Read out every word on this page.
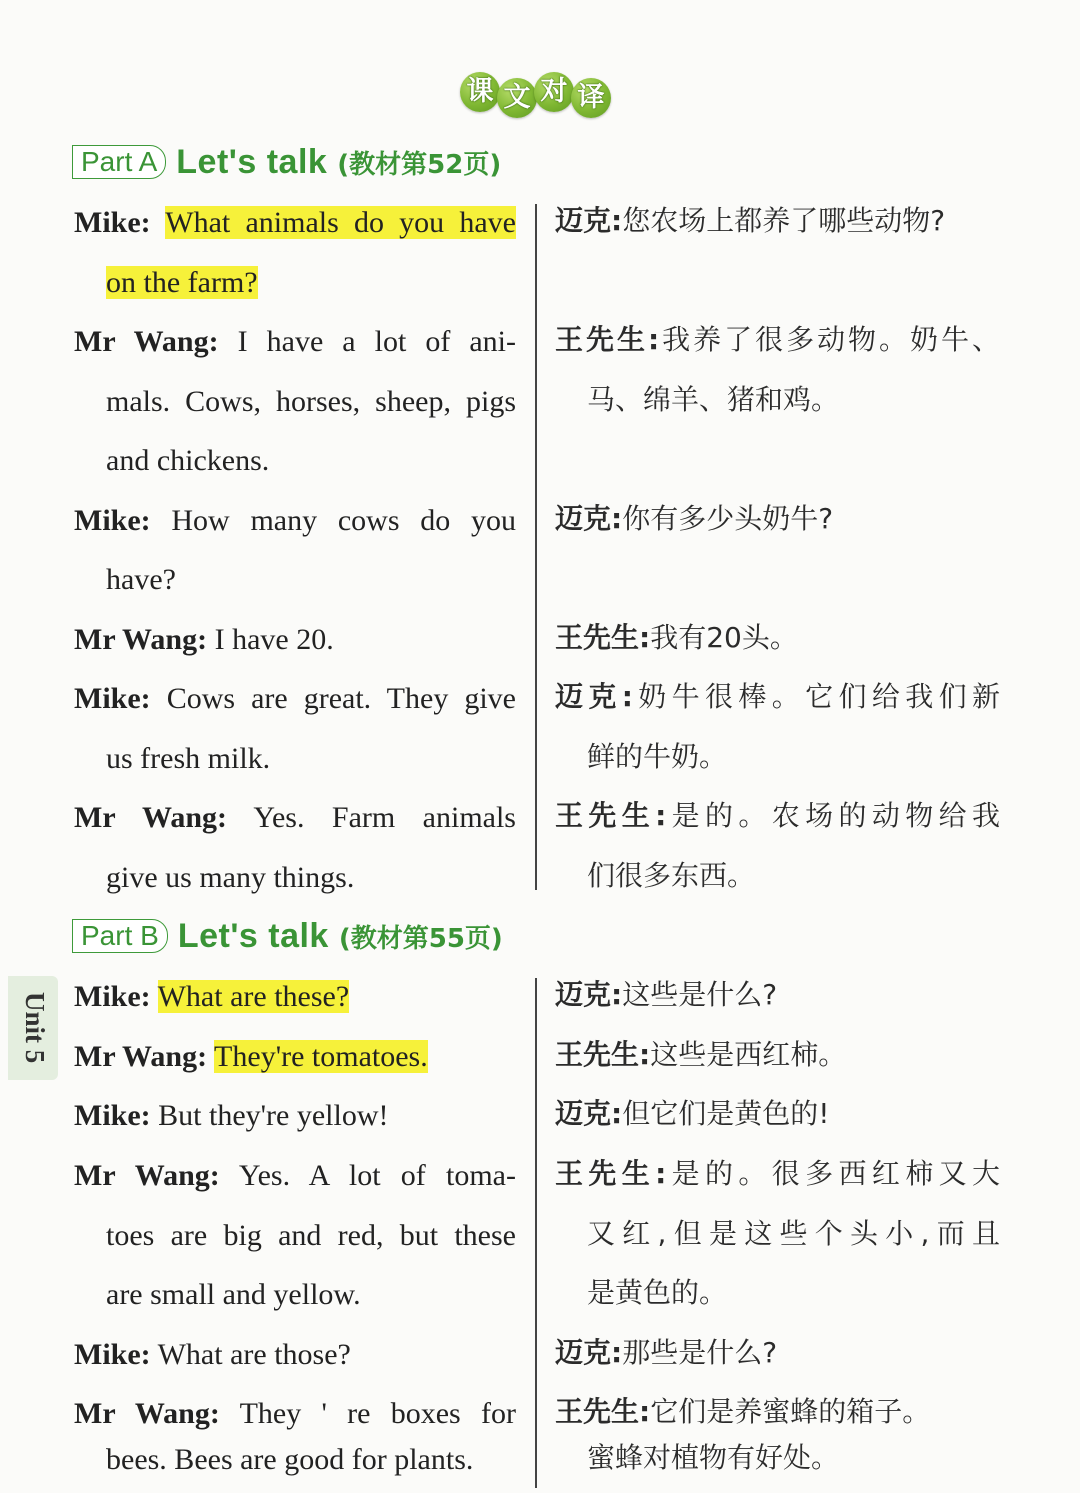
课 文 对 译
Part A Let's talk (教材第52页)
Mike: What animals do you have
on the farm?
Mr Wang: I have a lot of ani-
mals. Cows, horses, sheep, pigs
and chickens.
Mike: How many cows do you
have?
Mr Wang: I have 20.
Mike: Cows are great. They give
us fresh milk.
Mr Wang: Yes. Farm animals
give us many things.
迈克:您农场上都养了哪些动物?
王先生:我养了很多动物。奶牛、
马、绵羊、猪和鸡。
迈克:你有多少头奶牛?
王先生:我有20头。
迈克:奶牛很棒。它们给我们新
鲜的牛奶。
王先生:是的。农场的动物给我
们很多东西。
Part B Let's talk (教材第55页)
Unit 5 Mike: What are these?
Mr Wang: They're tomatoes.
Mike: But they're yellow!
Mr Wang: Yes. A lot of toma-
toes are big and red, but these
are small and yellow.
Mike: What are those?
Mr Wang: They ' re boxes for
bees. Bees are good for plants.
迈克:这些是什么?
王先生:这些是西红柿。
迈克:但它们是黄色的!
王先生:是的。很多西红柿又大
又红,但是这些个头小,而且
是黄色的。
迈克:那些是什么?
王先生:它们是养蜜蜂的箱子。
蜜蜂对植物有好处。
